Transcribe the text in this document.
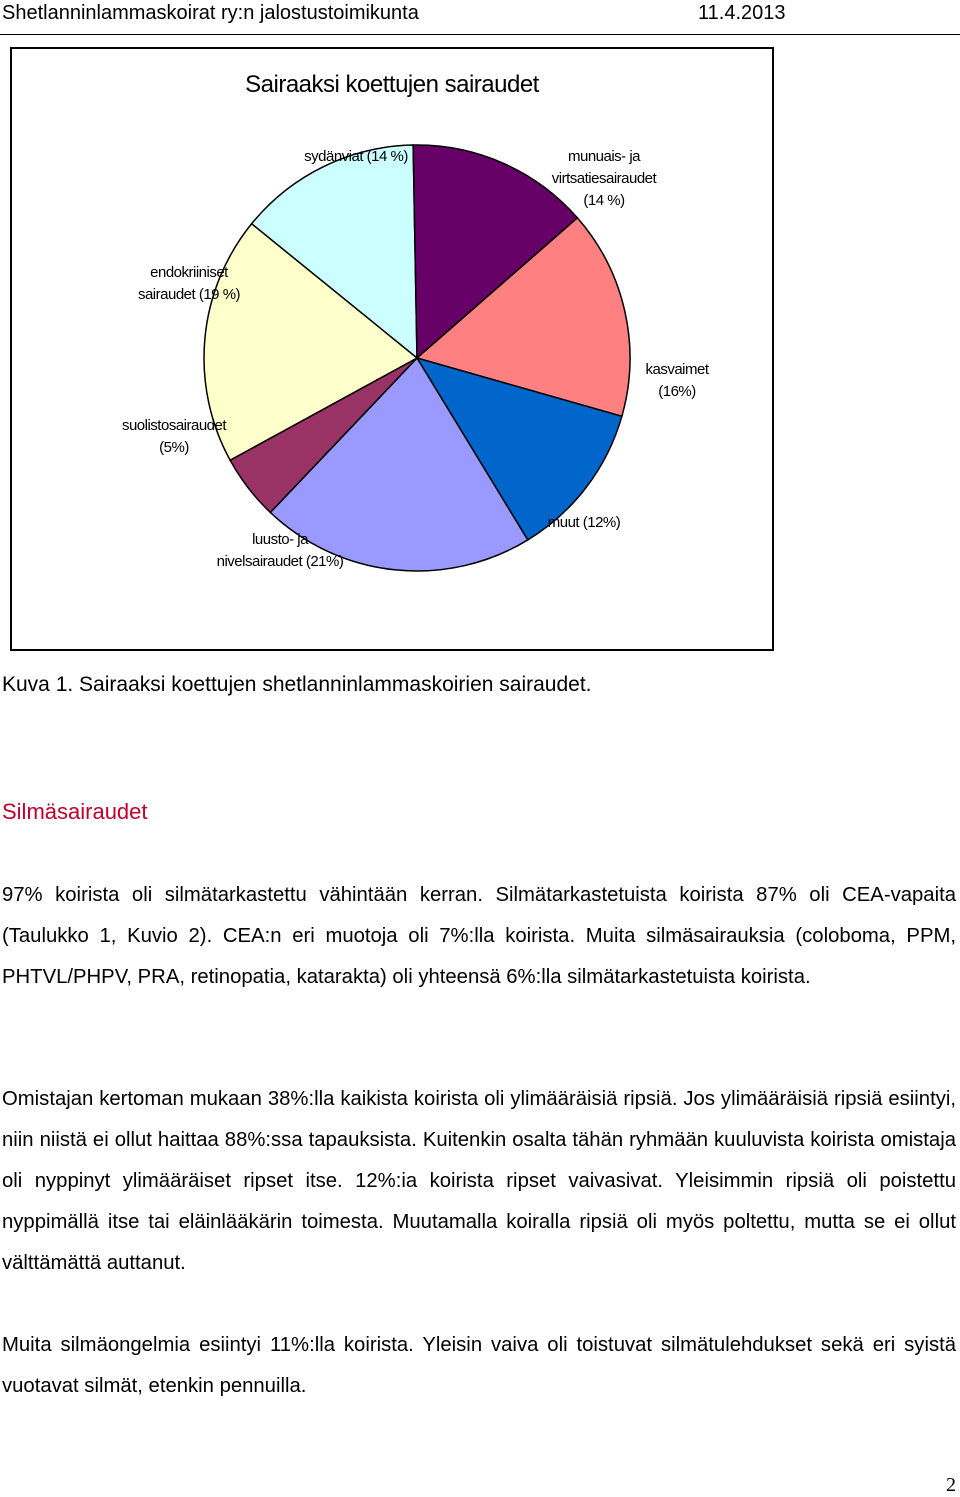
Shetlanninlammaskoirat ry:n jalostustoimikunta	11.4.2013
Sairaaksi koettujen sairaudet
sydänviat (14 %)	munuais- ja
virtsatiesairaudet
(14 %)
kasvaimet (16%)
muut (12%)
luusto- ja
nivelsairaudet (21%)
suolistosairaudet
(5%)
endokriiniset
sairaudet (19 %)
Kuva 1. Sairaaksi koettujen shetlanninlammaskoirien sairaudet.
Silmäsairaudet

97% koirista oli silmätarkastettu vähintään kerran. Silmätarkastetuista koirista 87% oli CEA-vapaita (Taulukko 1, Kuvio 2). CEA:n eri muotoja oli 7%:lla koirista. Muita silmäsairauksia (coloboma, PPM, PHTVL/PHPV, PRA, retinopatia, katarakta) oli yhteensä 6%:lla silmätarkastetuista koirista.

Omistajan kertoman mukaan 38%:lla kaikista koirista oli ylimääräisiä ripsiä. Jos ylimääräisiä ripsiä esiintyi, niin niistä ei ollut haittaa 88%:ssa tapauksista. Kuitenkin osalta tähän ryhmään kuuluvista koirista omistaja oli nyppinyt ylimääräiset ripset itse. 12%:ia koirista ripset vaivasivat. Yleisimmin ripsiä oli poistettu nyppimällä itse tai eläinlääkärin toimesta. Muutamalla koiralla ripsiä oli myös poltettu, mutta se ei ollut välttämättä auttanut.

Muita silmäongelmia esiintyi 11%:lla koirista. Yleisin vaiva oli toistuvat silmätulehdukset sekä eri syistä vuotavat silmät, etenkin pennuilla.

2
